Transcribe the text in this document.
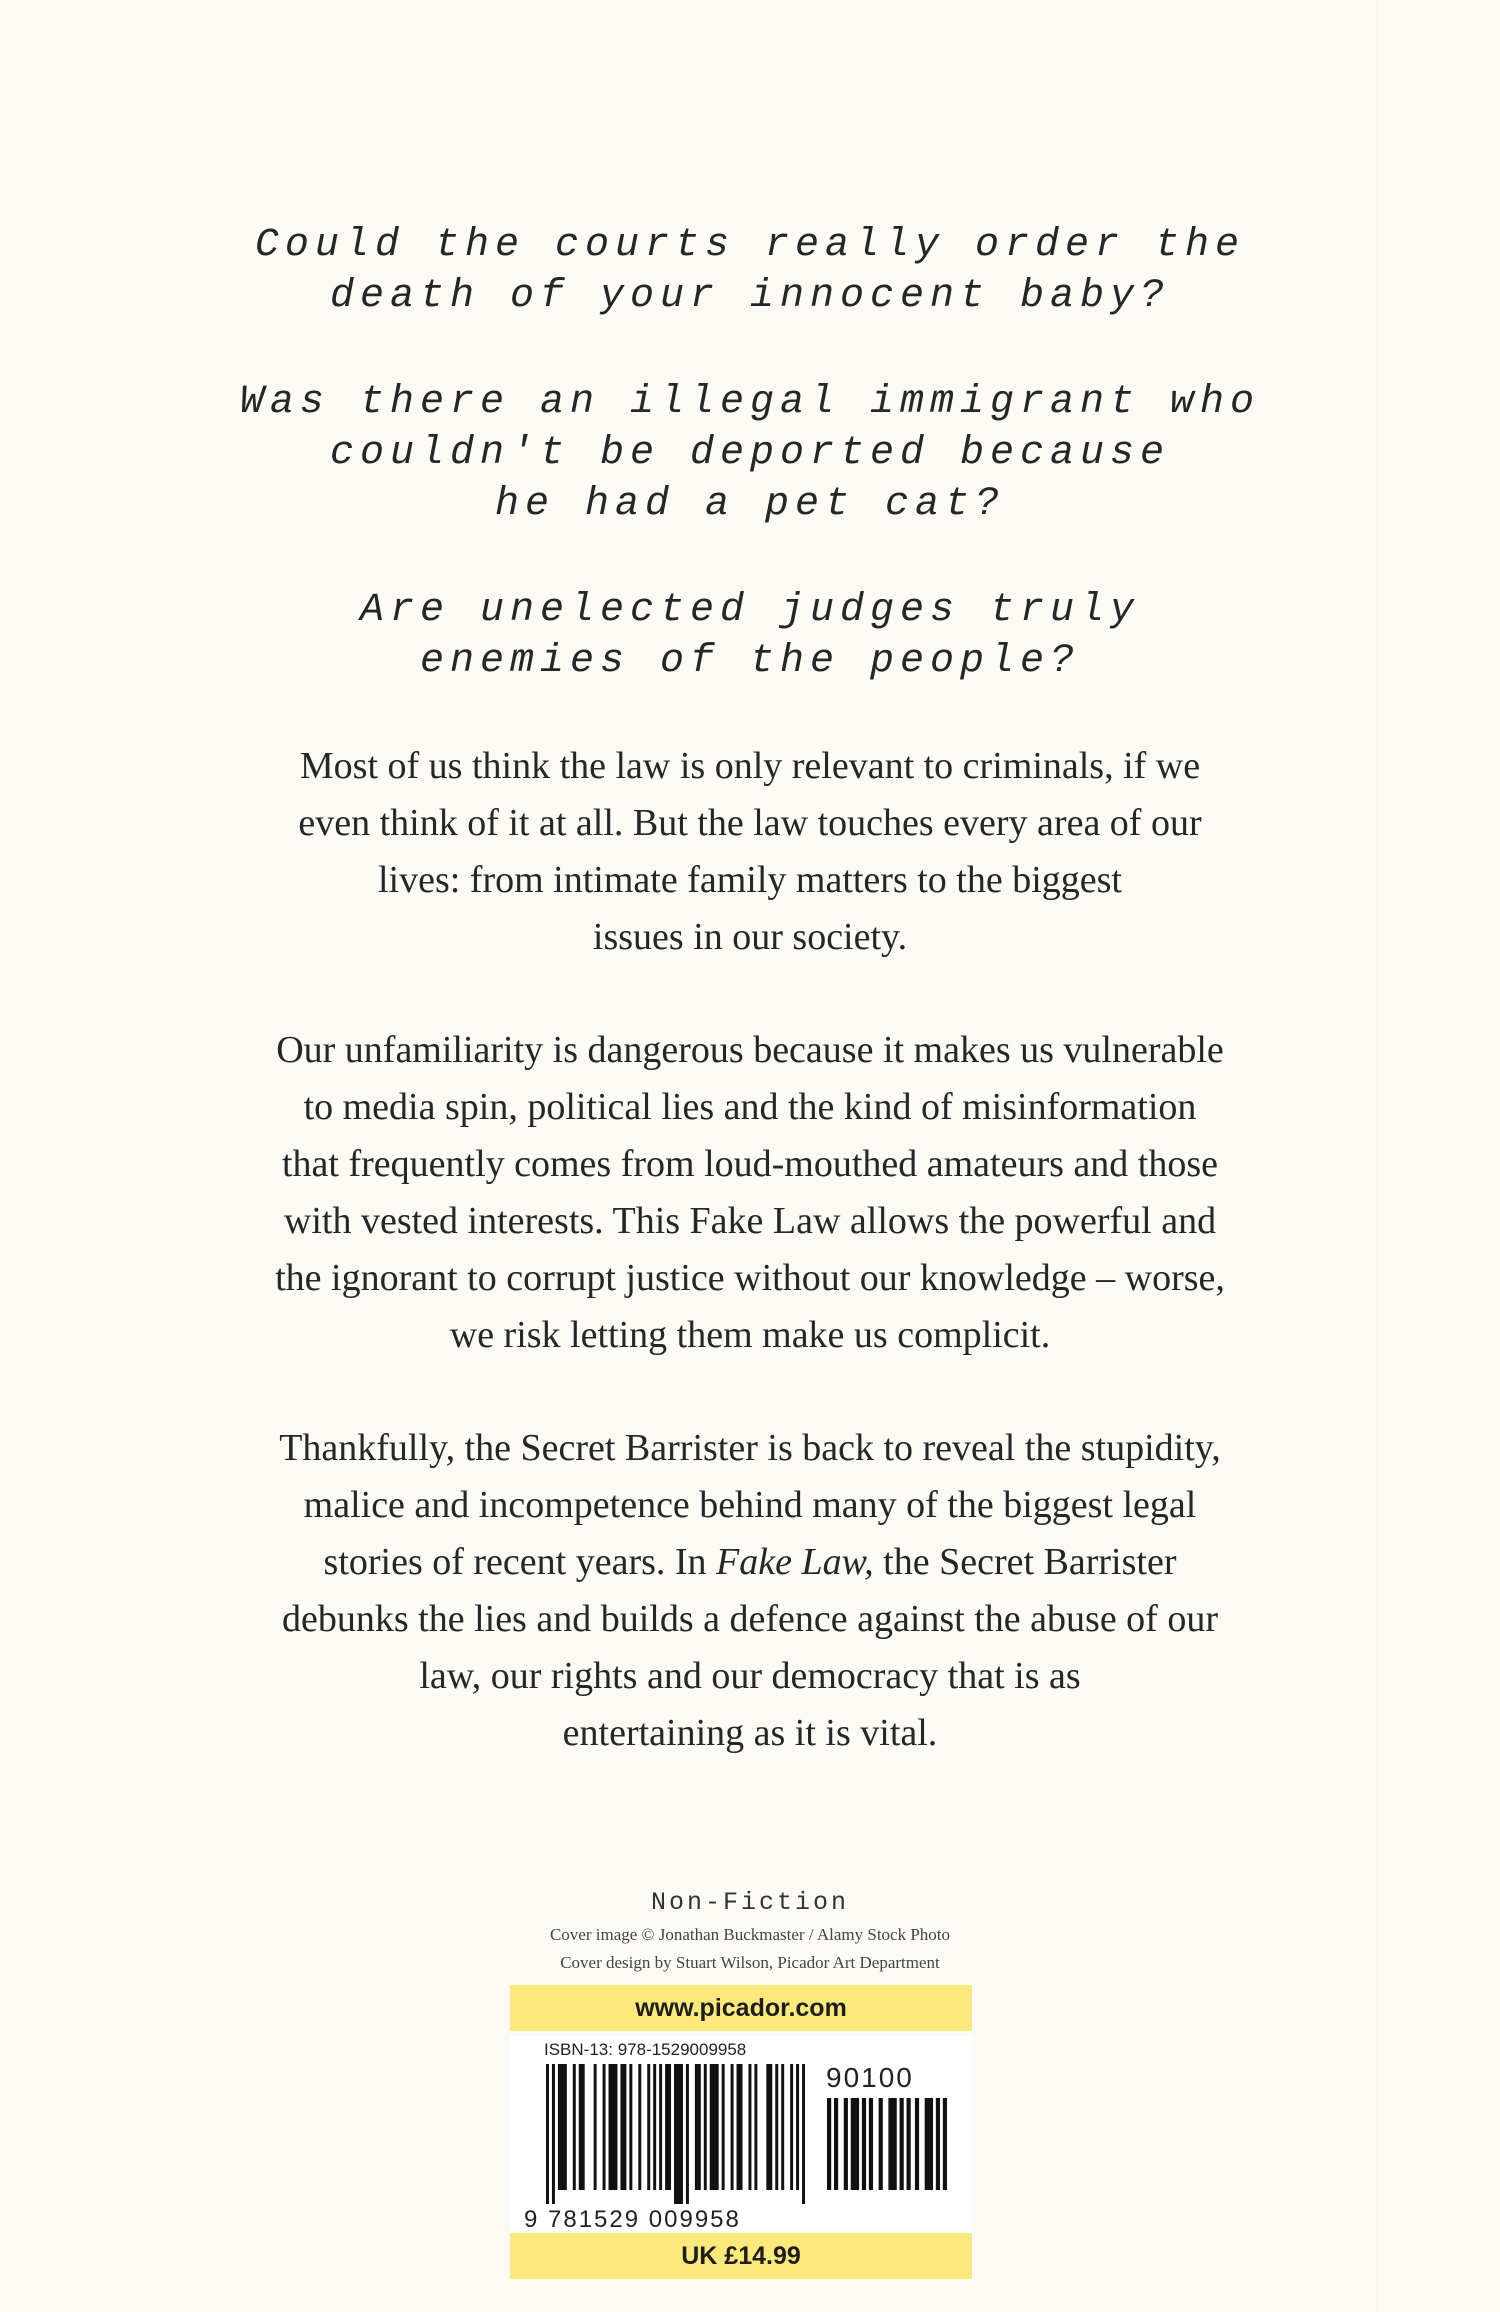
Could the courts really order the
death of your innocent baby?

Was there an illegal immigrant who
couldn't be deported because
he had a pet cat?

Are unelected judges truly
enemies of the people?

Most of us think the law is only relevant to criminals, if we
even think of it at all. But the law touches every area of our
lives: from intimate family matters to the biggest
issues in our society.

Our unfamiliarity is dangerous because it makes us vulnerable
to media spin, political lies and the kind of misinformation
that frequently comes from loud-mouthed amateurs and those
with vested interests. This Fake Law allows the powerful and
the ignorant to corrupt justice without our knowledge – worse,
we risk letting them make us complicit.

Thankfully, the Secret Barrister is back to reveal the stupidity,
malice and incompetence behind many of the biggest legal
stories of recent years. In Fake Law, the Secret Barrister
debunks the lies and builds a defence against the abuse of our
law, our rights and our democracy that is as
entertaining as it is vital.

Non-Fiction
Cover image © Jonathan Buckmaster / Alamy Stock Photo
Cover design by Stuart Wilson, Picador Art Department
www.picador.com
ISBN-13: 978-1529009958
90100
9 781529 009958
UK £14.99
